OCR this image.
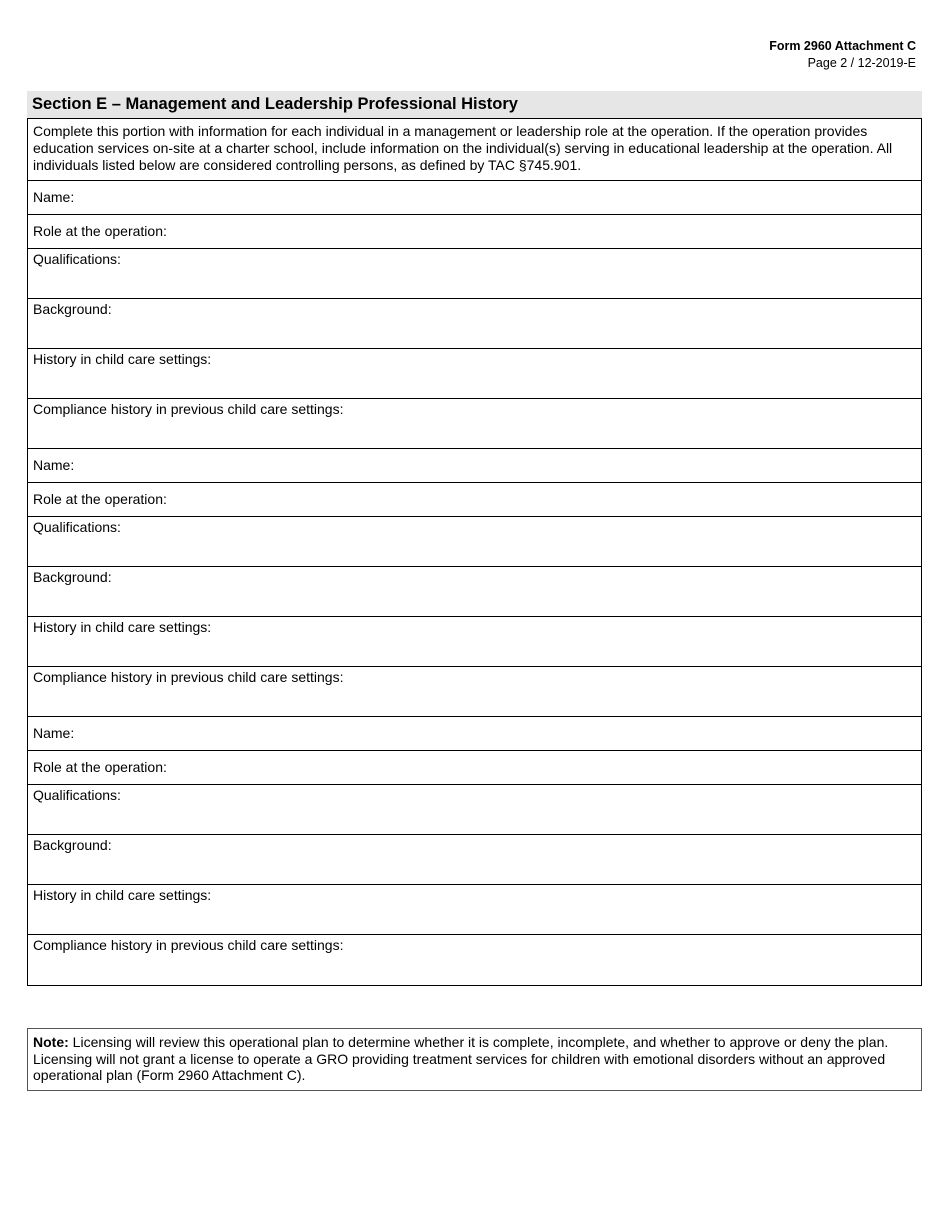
Form 2960 Attachment C
Page 2 / 12-2019-E
Section E – Management and Leadership Professional History
Complete this portion with information for each individual in a management or leadership role at the operation. If the operation provides education services on-site at a charter school, include information on the individual(s) serving in educational leadership at the operation. All individuals listed below are considered controlling persons, as defined by TAC §745.901.
Name:
Role at the operation:
Qualifications:
Background:
History in child care settings:
Compliance history in previous child care settings:
Name:
Role at the operation:
Qualifications:
Background:
History in child care settings:
Compliance history in previous child care settings:
Name:
Role at the operation:
Qualifications:
Background:
History in child care settings:
Compliance history in previous child care settings:
Note: Licensing will review this operational plan to determine whether it is complete, incomplete, and whether to approve or deny the plan. Licensing will not grant a license to operate a GRO providing treatment services for children with emotional disorders without an approved operational plan (Form 2960 Attachment C).
